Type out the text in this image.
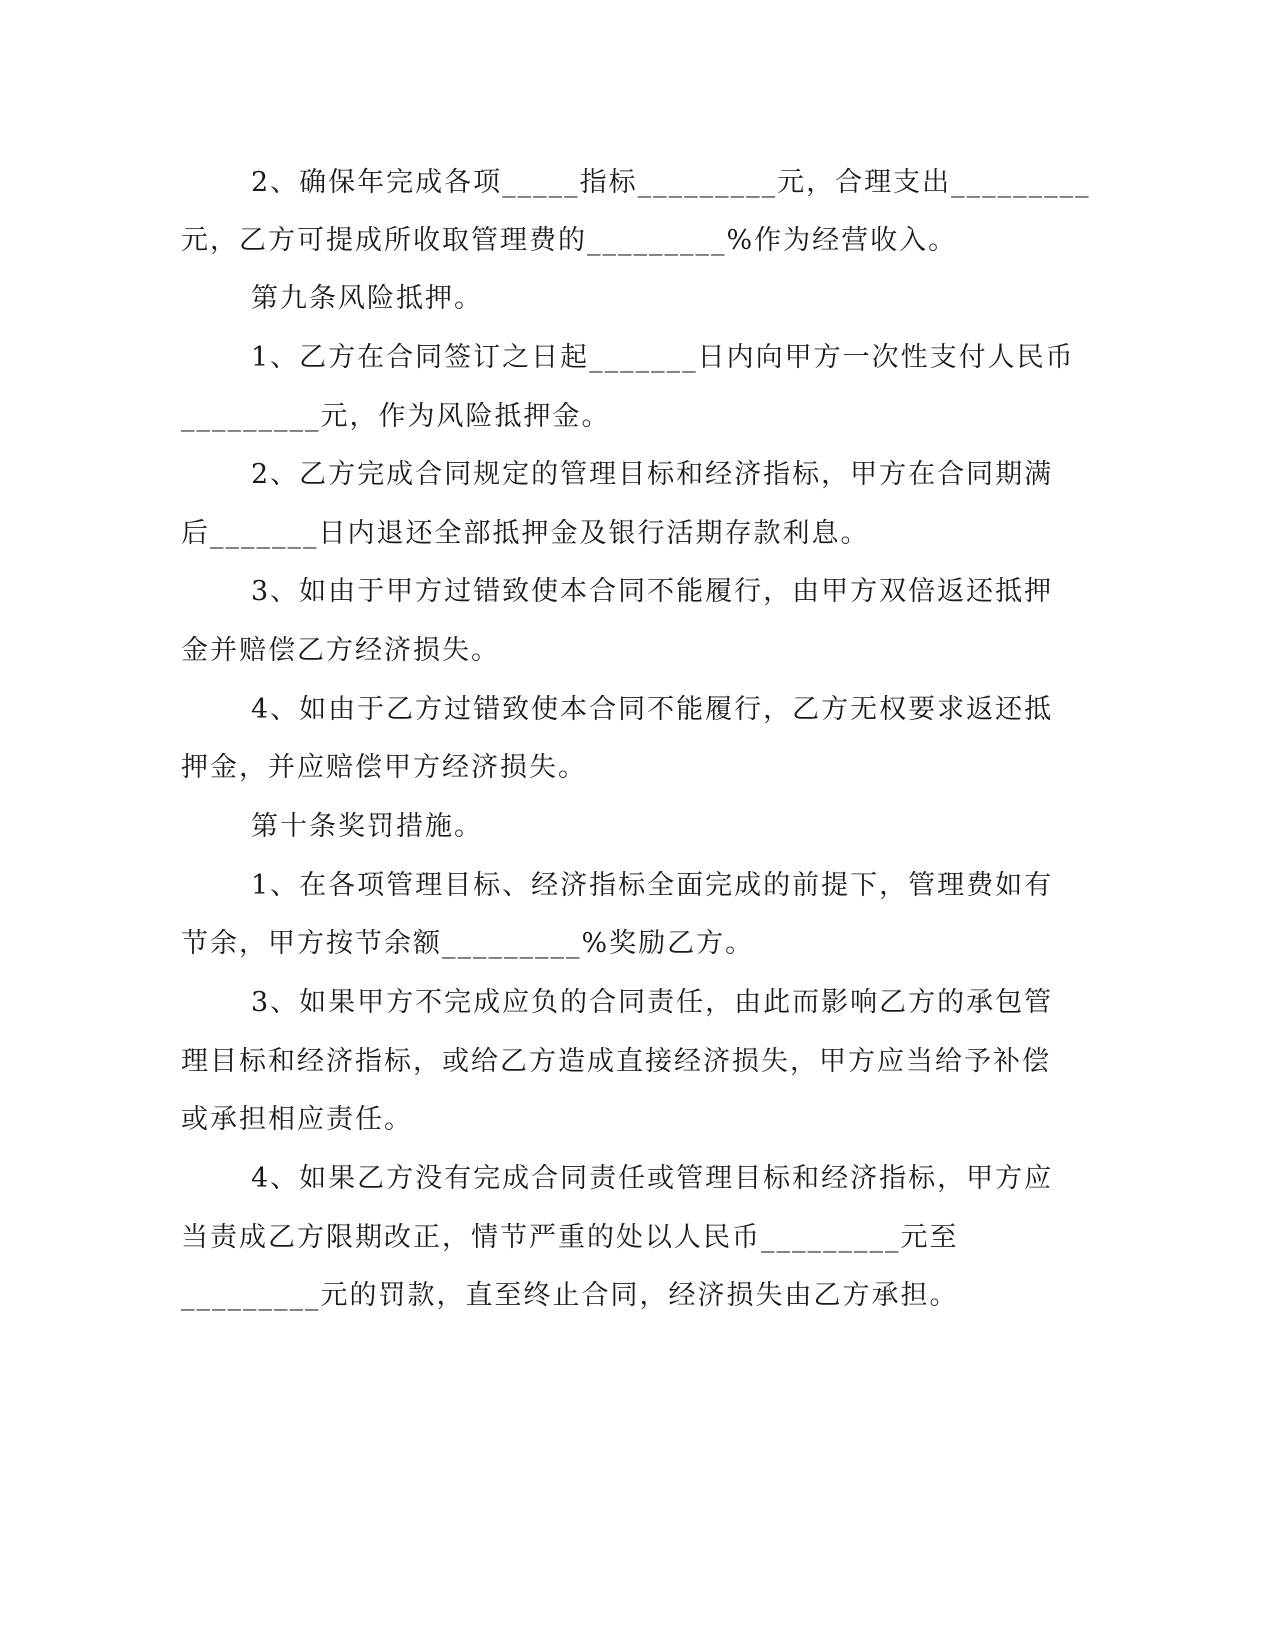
2、确保年完成各项_____指标_________元，合理支出_________
元，乙方可提成所收取管理费的_________%作为经营收入。
第九条风险抵押。
1、乙方在合同签订之日起_______日内向甲方一次性支付人民币
_________元，作为风险抵押金。
2、乙方完成合同规定的管理目标和经济指标，甲方在合同期满
后_______日内退还全部抵押金及银行活期存款利息。
3、如由于甲方过错致使本合同不能履行，由甲方双倍返还抵押
金并赔偿乙方经济损失。
4、如由于乙方过错致使本合同不能履行，乙方无权要求返还抵
押金，并应赔偿甲方经济损失。
第十条奖罚措施。
1、在各项管理目标、经济指标全面完成的前提下，管理费如有
节余，甲方按节余额_________%奖励乙方。
3、如果甲方不完成应负的合同责任，由此而影响乙方的承包管
理目标和经济指标，或给乙方造成直接经济损失，甲方应当给予补偿
或承担相应责任。
4、如果乙方没有完成合同责任或管理目标和经济指标，甲方应
当责成乙方限期改正，情节严重的处以人民币_________元至
_________元的罚款，直至终止合同，经济损失由乙方承担。
